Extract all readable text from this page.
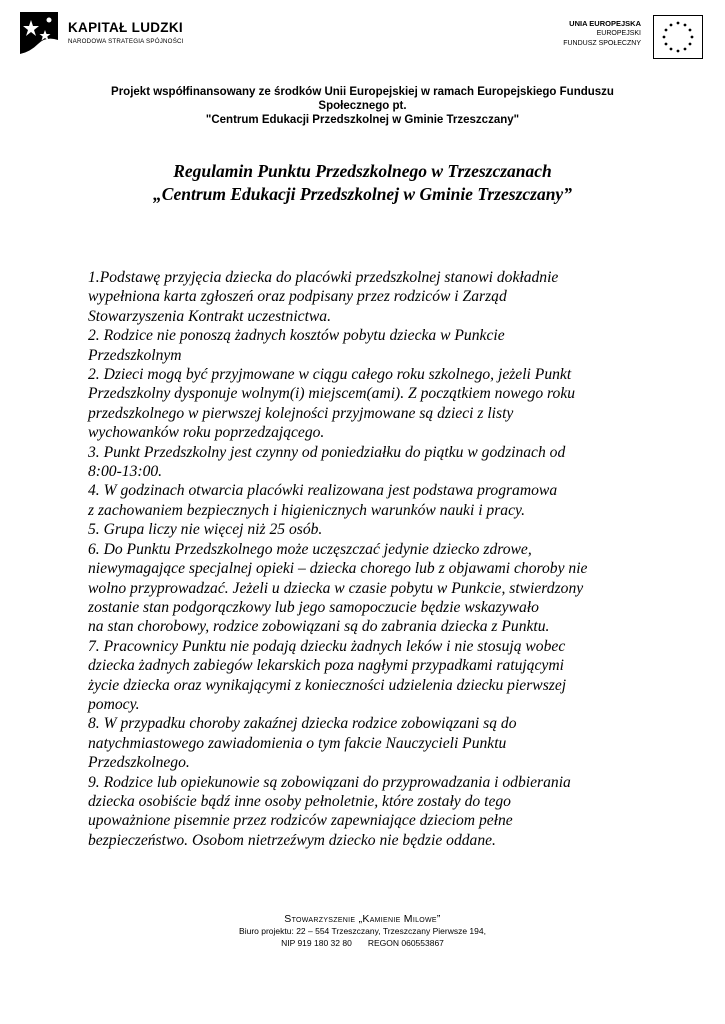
KAPITAŁ LUDZKI
NARODOWA STRATEGIA SPÓJNOŚCI
UNIA EUROPEJSKA
EUROPEJSKI
FUNDUSZ SPOŁECZNY
Projekt współfinansowany ze środków Unii Europejskiej w ramach Europejskiego Funduszu
Społecznego pt.
"Centrum Edukacji Przedszkolnej w Gminie Trzeszczany"
Regulamin Punktu Przedszkolnego w Trzeszczanach
„Centrum Edukacji Przedszkolnej w Gminie Trzeszczany”
1.Podstawę przyjęcia dziecka do placówki przedszkolnej stanowi dokładnie
wypełniona karta zgłoszeń oraz podpisany przez rodziców i Zarząd
Stowarzyszenia Kontrakt uczestnictwa.
2. Rodzice nie ponoszą żadnych kosztów pobytu dziecka w Punkcie
Przedszkolnym
2. Dzieci mogą być przyjmowane w ciągu całego roku szkolnego, jeżeli Punkt
Przedszkolny dysponuje wolnym(i) miejscem(ami). Z początkiem nowego roku
przedszkolnego w pierwszej kolejności przyjmowane są dzieci z listy
wychowanków roku poprzedzającego.
3. Punkt Przedszkolny jest czynny od poniedziałku do piątku w godzinach od
8:00-13:00.
4. W godzinach otwarcia placówki realizowana jest podstawa programowa
z zachowaniem bezpiecznych i higienicznych warunków nauki i pracy.
5. Grupa liczy nie więcej niż 25 osób.
6. Do Punktu Przedszkolnego może uczęszczać jedynie dziecko zdrowe,
niewymagające specjalnej opieki – dziecka chorego lub z objawami choroby nie
wolno przyprowadzać. Jeżeli u dziecka w czasie pobytu w Punkcie, stwierdzony
zostanie stan podgorączkowy lub jego samopoczucie będzie wskazywało
na stan chorobowy, rodzice zobowiązani są do zabrania dziecka z Punktu.
7. Pracownicy Punktu nie podają dziecku żadnych leków i nie stosują wobec
dziecka żadnych zabiegów lekarskich poza nagłymi przypadkami ratującymi
życie dziecka oraz wynikającymi z konieczności udzielenia dziecku pierwszej
pomocy.
8. W przypadku choroby zakaźnej dziecka rodzice zobowiązani są do
natychmiastowego zawiadomienia o tym fakcie Nauczycieli Punktu
Przedszkolnego.
9. Rodzice lub opiekunowie są zobowiązani do przyprowadzania i odbierania
dziecka osobiście bądź inne osoby pełnoletnie, które zostały do tego
upoważnione pisemnie przez rodziców zapewniające dzieciom pełne
bezpieczeństwo. Osobom nietrzeźwym dziecko nie będzie oddane.
Stowarzyszenie „Kamienie Milowe”
Biuro projektu: 22 – 554 Trzeszczany, Trzeszczany Pierwsze 194,
NIP 919 180 32 80 REGON 060553867
